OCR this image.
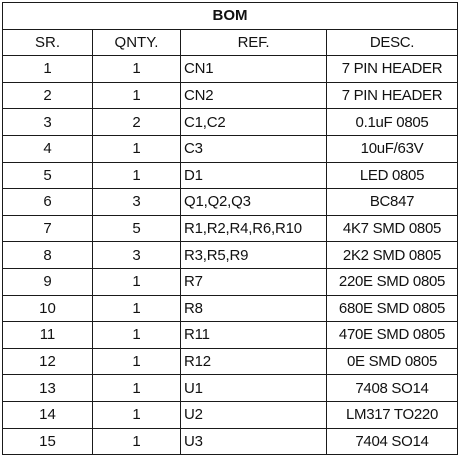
BOM			
SR.	QNTY.	REF.	DESC.
1	1	CN1	7 PIN HEADER
2	1	CN2	7 PIN HEADER
3	2	C1,C2	0.1uF 0805
4	1	C3	10uF/63V
5	1	D1	LED 0805
6	3	Q1,Q2,Q3	BC847
7	5	R1,R2,R4,R6,R10	4K7 SMD 0805
8	3	R3,R5,R9	2K2 SMD 0805
9	1	R7	220E SMD 0805
10	1	R8	680E SMD 0805
11	1	R11	470E SMD 0805
12	1	R12	0E SMD 0805
13	1	U1	7408 SO14
14	1	U2	LM317 TO220
15	1	U3	7404 SO14
